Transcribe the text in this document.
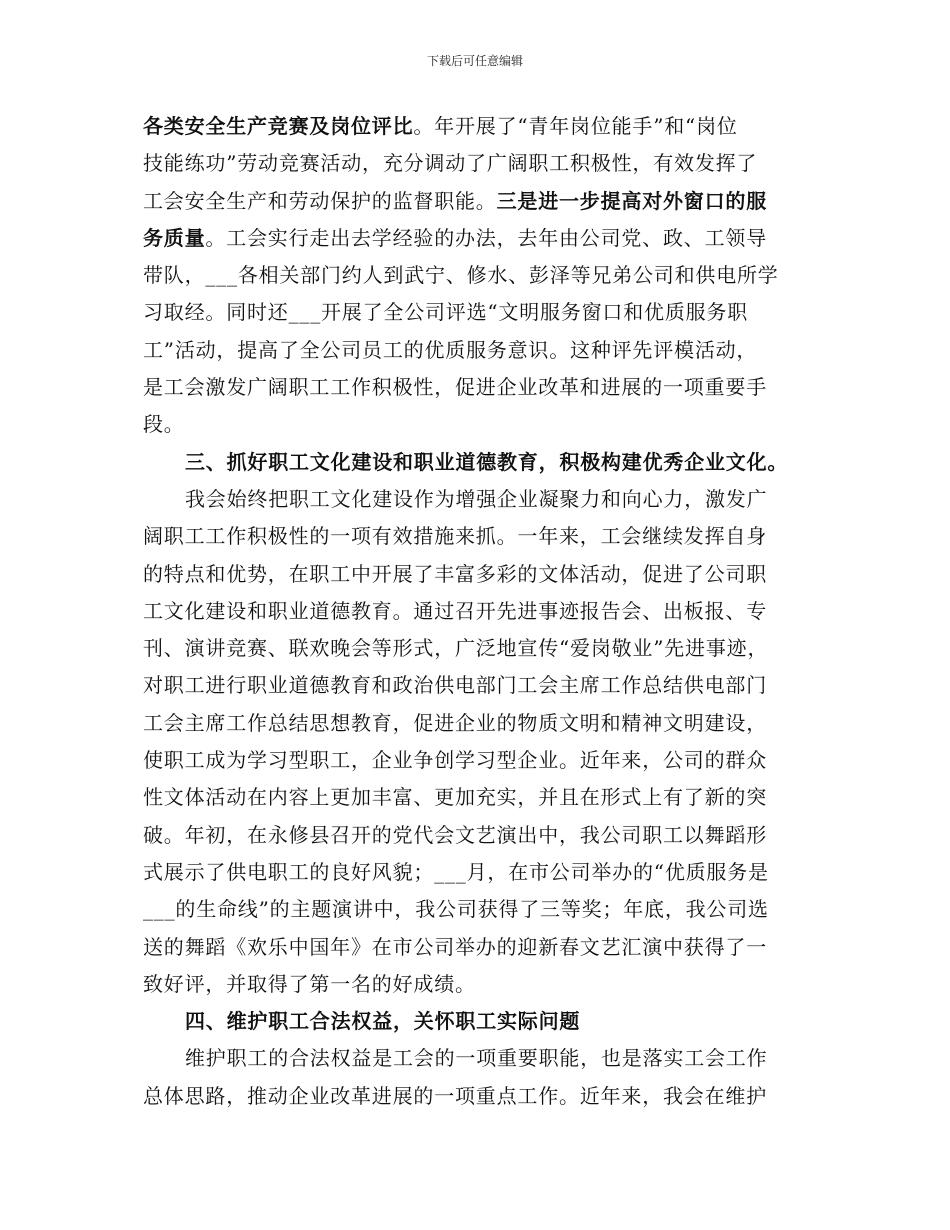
下载后可任意编辑
各类安全生产竞赛及岗位评比。年开展了“青年岗位能手”和“岗位
技能练功”劳动竞赛活动，充分调动了广阔职工积极性，有效发挥了
工会安全生产和劳动保护的监督职能。三是进一步提高对外窗口的服
务质量。工会实行走出去学经验的办法，去年由公司党、政、工领导
带队，___各相关部门约人到武宁、修水、彭泽等兄弟公司和供电所学
习取经。同时还___开展了全公司评选“文明服务窗口和优质服务职
工”活动，提高了全公司员工的优质服务意识。这种评先评模活动，
是工会激发广阔职工工作积极性，促进企业改革和进展的一项重要手
段。
三、抓好职工文化建设和职业道德教育，积极构建优秀企业文化。
我会始终把职工文化建设作为增强企业凝聚力和向心力，激发广
阔职工工作积极性的一项有效措施来抓。一年来，工会继续发挥自身
的特点和优势，在职工中开展了丰富多彩的文体活动，促进了公司职
工文化建设和职业道德教育。通过召开先进事迹报告会、出板报、专
刊、演讲竞赛、联欢晚会等形式，广泛地宣传“爱岗敬业”先进事迹，
对职工进行职业道德教育和政治供电部门工会主席工作总结供电部门
工会主席工作总结思想教育，促进企业的物质文明和精神文明建设，
使职工成为学习型职工，企业争创学习型企业。近年来，公司的群众
性文体活动在内容上更加丰富、更加充实，并且在形式上有了新的突
破。年初，在永修县召开的党代会文艺演出中，我公司职工以舞蹈形
式展示了供电职工的良好风貌；___月，在市公司举办的“优质服务是
___的生命线”的主题演讲中，我公司获得了三等奖；年底，我公司选
送的舞蹈《欢乐中国年》在市公司举办的迎新春文艺汇演中获得了一
致好评，并取得了第一名的好成绩。
四、维护职工合法权益，关怀职工实际问题
维护职工的合法权益是工会的一项重要职能，也是落实工会工作
总体思路，推动企业改革进展的一项重点工作。近年来，我会在维护
